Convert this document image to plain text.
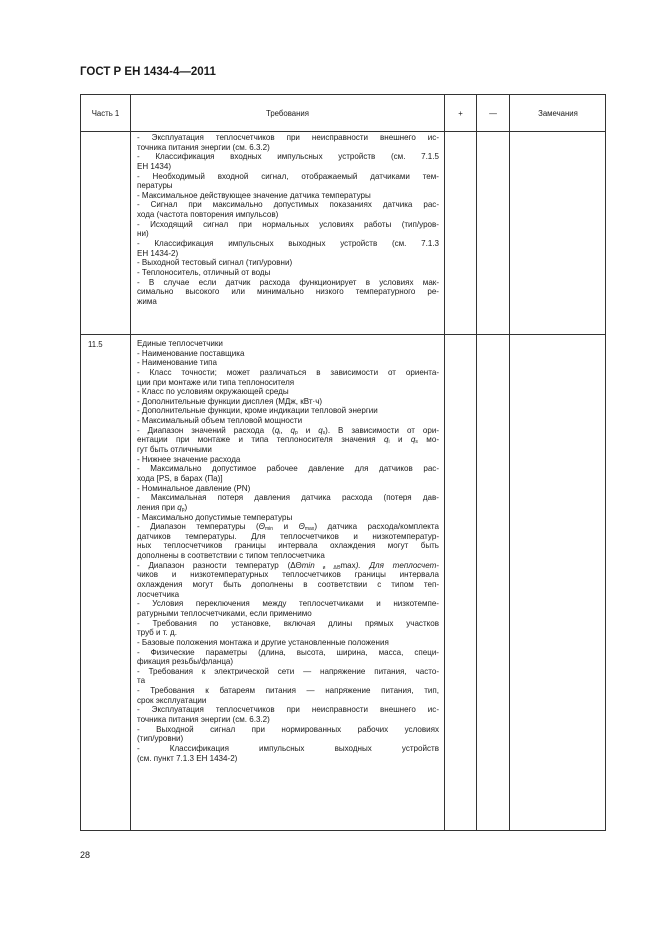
ГОСТ Р ЕН 1434-4—2011
Часть 1	Требования	+	—	Замечания
- Эксплуатация теплосчетчиков при неисправности внешнего ис-
точника питания энергии (см. 6.3.2)
- Классификация входных импульсных устройств (см. 7.1.5
ЕН 1434)
- Необходимый входной сигнал, отображаемый датчиками тем-
пературы
- Максимальное действующее значение датчика температуры
- Сигнал при максимально допустимых показаниях датчика рас-
хода (частота повторения импульсов)
- Исходящий сигнал при нормальных условиях работы (тип/уров-
ни)
- Классификация импульсных выходных устройств (см. 7.1.3
ЕН 1434-2)
- Выходной тестовый сигнал (тип/уровни)
- Теплоноситель, отличный от воды
- В случае если датчик расхода функционирует в условиях мак-
симально высокого или минимально низкого температурного ре-
жима
11.5	Единые теплосчетчики
- Наименование поставщика
- Наименование типа
- Класс точности; может различаться в зависимости от ориента-
ции при монтаже или типа теплоносителя
- Класс по условиям окружающей среды
- Дополнительные функции дисплея (МДж, кВт·ч)
- Дополнительные функции, кроме индикации тепловой энергии
- Максимальный объем тепловой мощности
- Диапазон значений расхода ($q_i$, $q_p$ и $q_s$). В зависимости от ори-
ентации при монтаже и типа теплоносителя значения $q_i$ и $q_s$ мо-
гут быть отличными
- Нижнее значение расхода
- Максимально допустимое рабочее давление для датчиков рас-
хода [PS, в барах (Па)]
- Номинальное давление (PN)
- Максимальная потеря давления датчика расхода (потеря дав-
ления при $q_p$)
- Максимально допустимые температуры
- Диапазон температуры ($\Theta_{min}$ и $\Theta_{max}$) датчика расхода/комплекта
датчиков температуры. Для теплосчетчиков и низкотемператур-
ных теплосчетчиков границы интервала охлаждения могут быть
дополнены в соответствии с типом теплосчетчика
- Диапазон разности температур (ΔΘmin $_{и \Delta\Theta}$max). Для теплосчет-
чиков и низкотемпературных теплосчетчиков границы интервала
охлаждения могут быть дополнены в соответствии с типом теп-
лосчетчика
- Условия переключения между теплосчетчиками и низкотемпе-
ратурными теплосчетчиками, если применимо
- Требования по установке, включая длины прямых участков
труб и т. д.
- Базовые положения монтажа и другие установленные положения
- Физические параметры (длина, высота, ширина, масса, специ-
фикация резьбы/фланца)
- Требования к электрической сети — напряжение питания, часто-
та
- Требования к батареям питания — напряжение питания, тип,
срок эксплуатации
- Эксплуатация теплосчетчиков при неисправности внешнего ис-
точника питания энергии (см. 6.3.2)
- Выходной сигнал при нормированных рабочих условиях
(тип/уровни)
- Классификация импульсных выходных устройств
(см. пункт 7.1.3 ЕН 1434-2)
28
